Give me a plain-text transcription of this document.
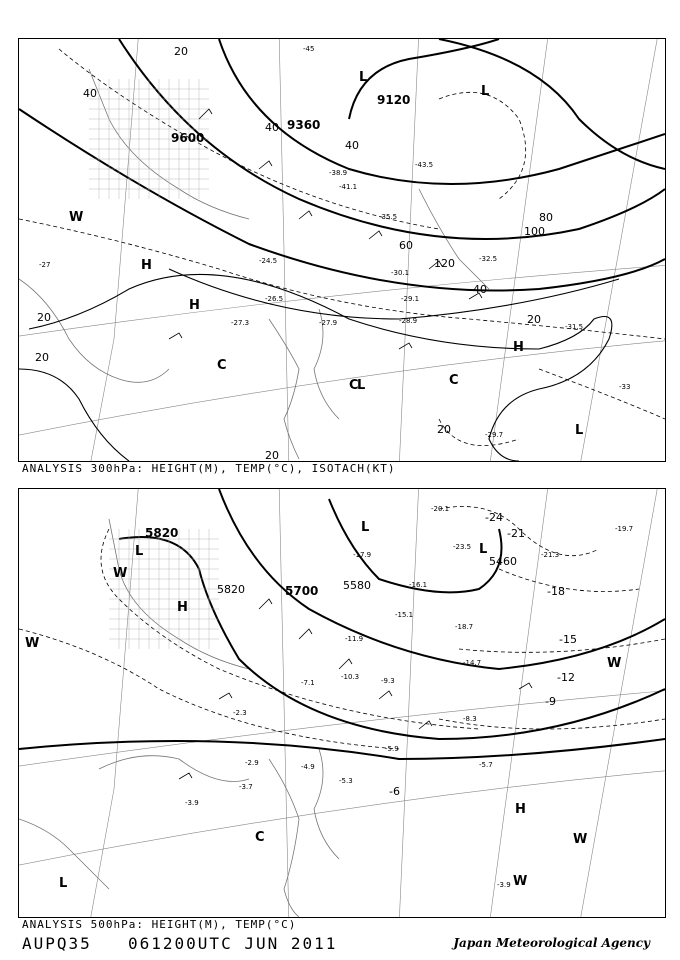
9600
9360
9120
20
40
60
80
100
120
40
20
20
20
20
40
40
20
L
L
L
H
H
H
C
C	C
L
W
-45
-43.5
-41.1
-38.9
-35.5
-32.5
-30.1
-29.1
-28.9
-27.9
-27.3
-26.5
-24.5
-31.5
-29.7
-33
-27
ANALYSIS 300hPa: HEIGHT(M), TEMP(°C), ISOTACH(KT)
5820
5700 5580
5460
5820
-24
-21
-18
-15
-12
-9
-6
L
L
L
L
H
H
C
W
W
W
W
W
-20.1
-17.9
-16.1
-15.1
-11.9
-10.3	-9.3
-7.1
-5.9
-5.3
-4.9
-3.7
-2.9
-2.3
-3.9
-19.7
-21.3
-23.5
-18.7
-14.7
-8.3
-5.7
-3.9
ANALYSIS 500hPa: HEIGHT(M), TEMP(°C)
AUPQ35 061200UTC JUN 2011	Japan Meteorological Agency
